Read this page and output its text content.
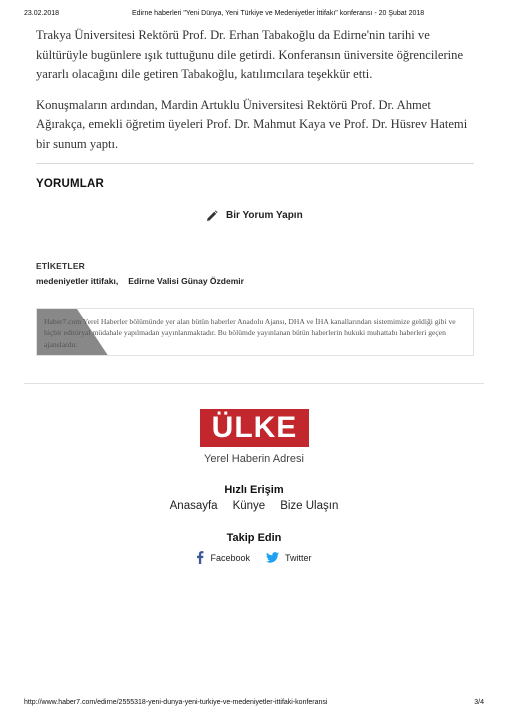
23.02.2018	Edirne haberleri "Yeni Dünya, Yeni Türkiye ve Medeniyetler İttifakı" konferansı - 20 Şubat 2018

Trakya Üniversitesi Rektörü Prof. Dr. Erhan Tabakoğlu da Edirne'nin tarihi ve kültürüyle bugünlere ışık tuttuğunu dile getirdi. Konferansın üniversite öğrencilerine yararlı olacağını dile getiren Tabakoğlu, katılımcılara teşekkür etti.

Konuşmaların ardından, Mardin Artuklu Üniversitesi Rektörü Prof. Dr. Ahmet Ağırakça, emekli öğretim üyeleri Prof. Dr. Mahmut Kaya ve Prof. Dr. Hüsrev Hatemi bir sunum yaptı.

YORUMLAR
Bir Yorum Yapın
ETİKETLER
medeniyetler ittifakı, Edirne Valisi Günay Özdemir
Haber7.com Yerel Haberler bölümünde yer alan bütün haberler Anadolu Ajansı, DHA ve İHA kanallarından sistemimize geldiği gibi ve hiçbir editöryal müdahale yapılmadan yayınlanmaktadır. Bu bölümde yayınlanan bütün haberlerin hukuki muhattabı haberleri geçen ajanslardır.
ÜLKE
Yerel Haberin Adresi
Hızlı Erişim
Anasayfa Künye Bize Ulaşın
Takip Edin
Facebook	Twitter
http://www.haber7.com/edirne/2555318-yeni-dunya-yeni-turkiye-ve-medeniyetler-ittifaki-konferansi	3/4
